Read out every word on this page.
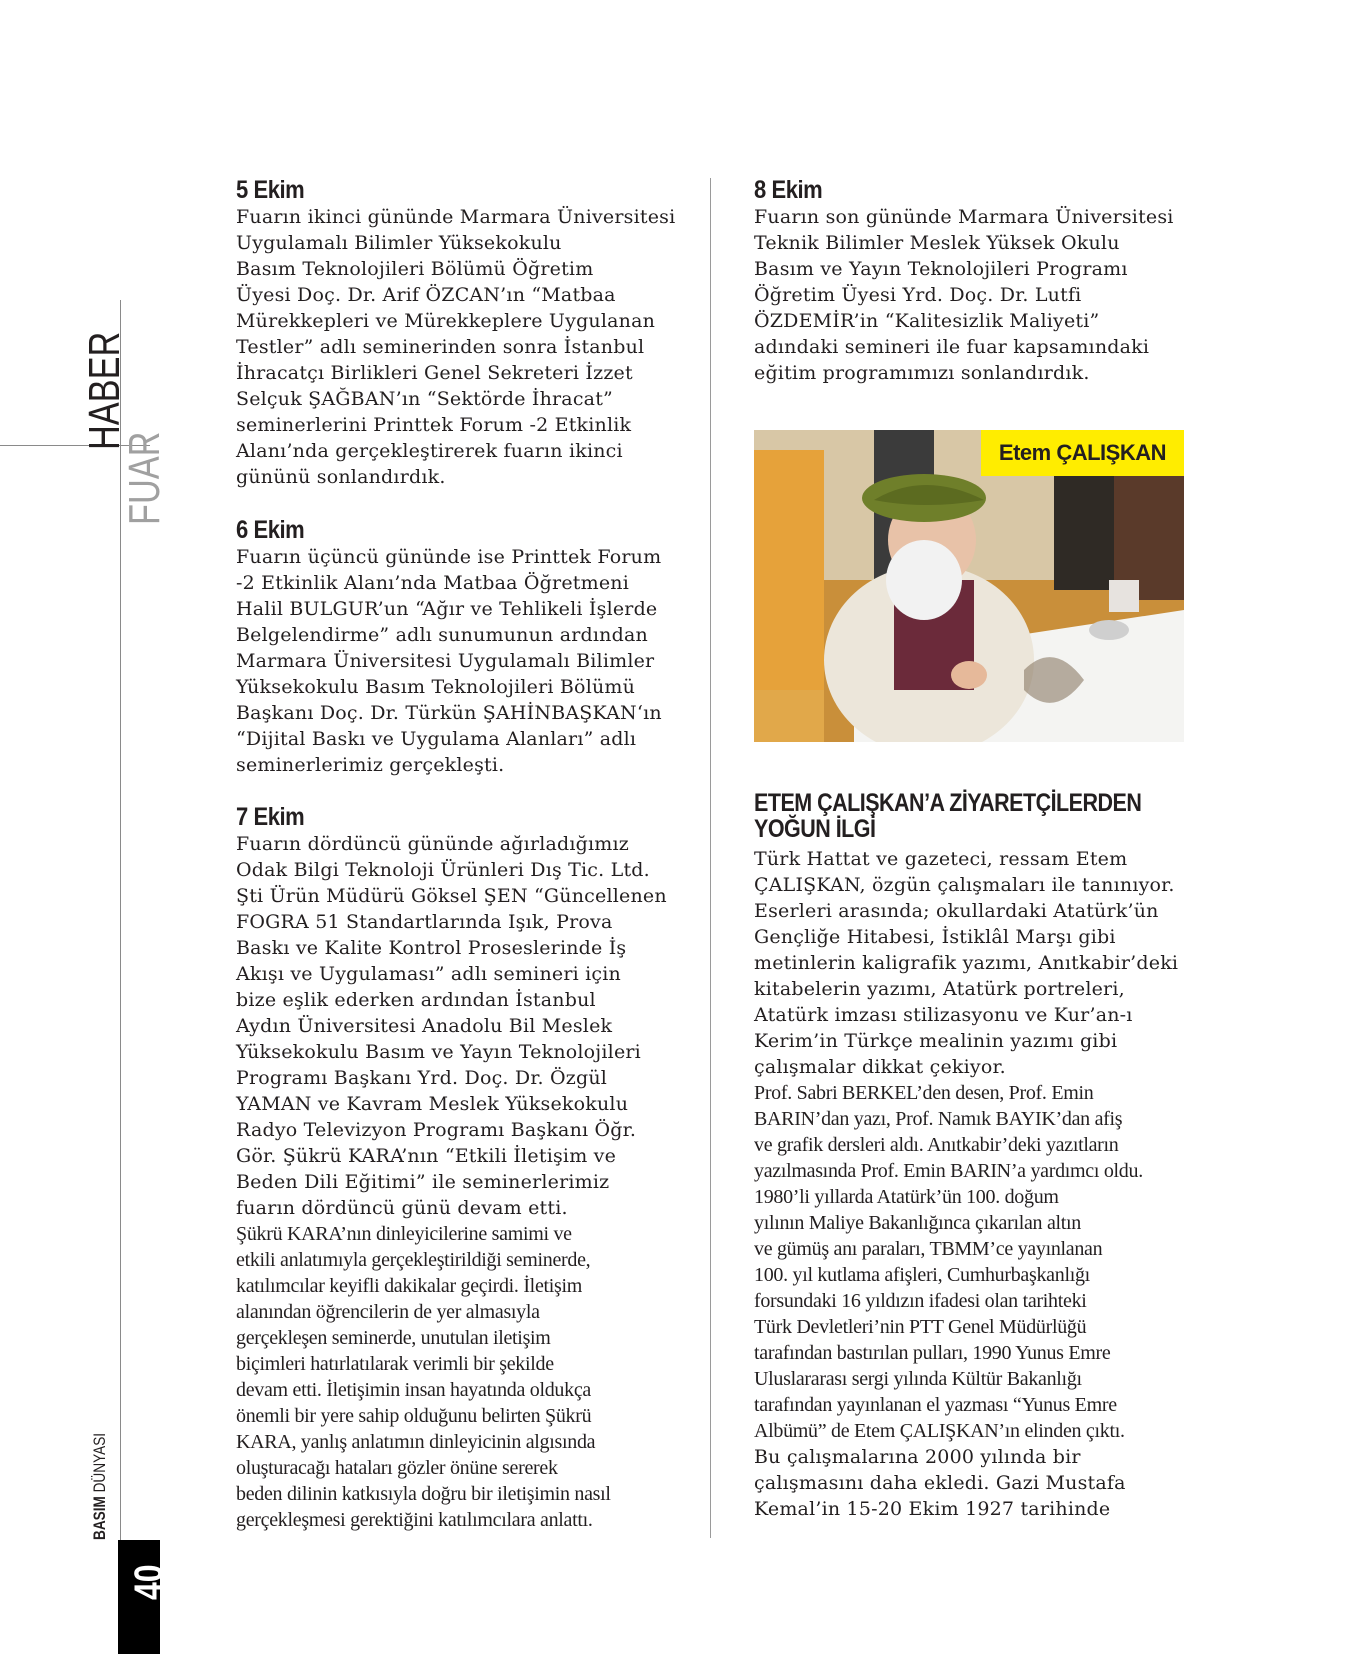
HABER
FUAR
BASIM DÜNYASI
40
5 Ekim

Fuarın ikinci gününde Marmara Üniversitesi

Uygulamalı Bilimler Yüksekokulu

Basım Teknolojileri Bölümü Öğretim

Üyesi Doç. Dr. Arif ÖZCAN’ın “Matbaa

Mürekkepleri ve Mürekkeplere Uygulanan

Testler” adlı seminerinden sonra İstanbul

İhracatçı Birlikleri Genel Sekreteri İzzet

Selçuk ŞAĞBAN’ın “Sektörde İhracat”

seminerlerini Printtek Forum -2 Etkinlik

Alanı’nda gerçekleştirerek fuarın ikinci

gününü sonlandırdık.

6 Ekim

Fuarın üçüncü gününde ise Printtek Forum

-2 Etkinlik Alanı’nda Matbaa Öğretmeni

Halil BULGUR’un “Ağır ve Tehlikeli İşlerde

Belgelendirme” adlı sunumunun ardından

Marmara Üniversitesi Uygulamalı Bilimler

Yüksekokulu Basım Teknolojileri Bölümü

Başkanı Doç. Dr. Türkün ŞAHİNBAŞKAN‘ın

“Dijital Baskı ve Uygulama Alanları” adlı

seminerlerimiz gerçekleşti.

7 Ekim

Fuarın dördüncü gününde ağırladığımız

Odak Bilgi Teknoloji Ürünleri Dış Tic. Ltd.

Şti Ürün Müdürü Göksel ŞEN “Güncellenen

FOGRA 51 Standartlarında Işık, Prova

Baskı ve Kalite Kontrol Proseslerinde İş

Akışı ve Uygulaması” adlı semineri için

bize eşlik ederken ardından İstanbul

Aydın Üniversitesi Anadolu Bil Meslek

Yüksekokulu Basım ve Yayın Teknolojileri

Programı Başkanı Yrd. Doç. Dr. Özgül

YAMAN ve Kavram Meslek Yüksekokulu

Radyo Televizyon Programı Başkanı Öğr.

Gör. Şükrü KARA’nın “Etkili İletişim ve

Beden Dili Eğitimi” ile seminerlerimiz

fuarın dördüncü günü devam etti.

Şükrü KARA’nın dinleyicilerine samimi ve

etkili anlatımıyla gerçekleştirildiği seminerde,

katılımcılar keyifli dakikalar geçirdi. İletişim

alanından öğrencilerin de yer almasıyla

gerçekleşen seminerde, unutulan iletişim

biçimleri hatırlatılarak verimli bir şekilde

devam etti. İletişimin insan hayatında oldukça

önemli bir yere sahip olduğunu belirten Şükrü

KARA, yanlış anlatımın dinleyicinin algısında

oluşturacağı hataları gözler önüne sererek

beden dilinin katkısıyla doğru bir iletişimin nasıl

gerçekleşmesi gerektiğini katılımcılara anlattı.

8 Ekim

Fuarın son gününde Marmara Üniversitesi

Teknik Bilimler Meslek Yüksek Okulu

Basım ve Yayın Teknolojileri Programı

Öğretim Üyesi Yrd. Doç. Dr. Lutfi

ÖZDEMİR’in “Kalitesizlik Maliyeti”

adındaki semineri ile fuar kapsamındaki

eğitim programımızı sonlandırdık.

Etem ÇALIŞKAN
ETEM ÇALIŞKAN’A ZİYARETÇİLERDEN
YOĞUN İLGİ

Türk Hattat ve gazeteci, ressam Etem

ÇALIŞKAN, özgün çalışmaları ile tanınıyor.

Eserleri arasında; okullardaki Atatürk’ün

Gençliğe Hitabesi, İstiklâl Marşı gibi

metinlerin kaligrafik yazımı, Anıtkabir’deki

kitabelerin yazımı, Atatürk portreleri,

Atatürk imzası stilizasyonu ve Kur’an-ı

Kerim’in Türkçe mealinin yazımı gibi

çalışmalar dikkat çekiyor.

Prof. Sabri BERKEL’den desen, Prof. Emin

BARIN’dan yazı, Prof. Namık BAYIK’dan afiş

ve grafik dersleri aldı. Anıtkabir’deki yazıtların

yazılmasında Prof. Emin BARIN’a yardımcı oldu.

1980’li yıllarda Atatürk’ün 100. doğum

yılının Maliye Bakanlığınca çıkarılan altın

ve gümüş anı paraları, TBMM’ce yayınlanan

100. yıl kutlama afişleri, Cumhurbaşkanlığı

forsundaki 16 yıldızın ifadesi olan tarihteki

Türk Devletleri’nin PTT Genel Müdürlüğü

tarafından bastırılan pulları, 1990 Yunus Emre

Uluslararası sergi yılında Kültür Bakanlığı

tarafından yayınlanan el yazması “Yunus Emre

Albümü” de Etem ÇALIŞKAN’ın elinden çıktı.

Bu çalışmalarına 2000 yılında bir

çalışmasını daha ekledi. Gazi Mustafa

Kemal’in 15-20 Ekim 1927 tarihinde
